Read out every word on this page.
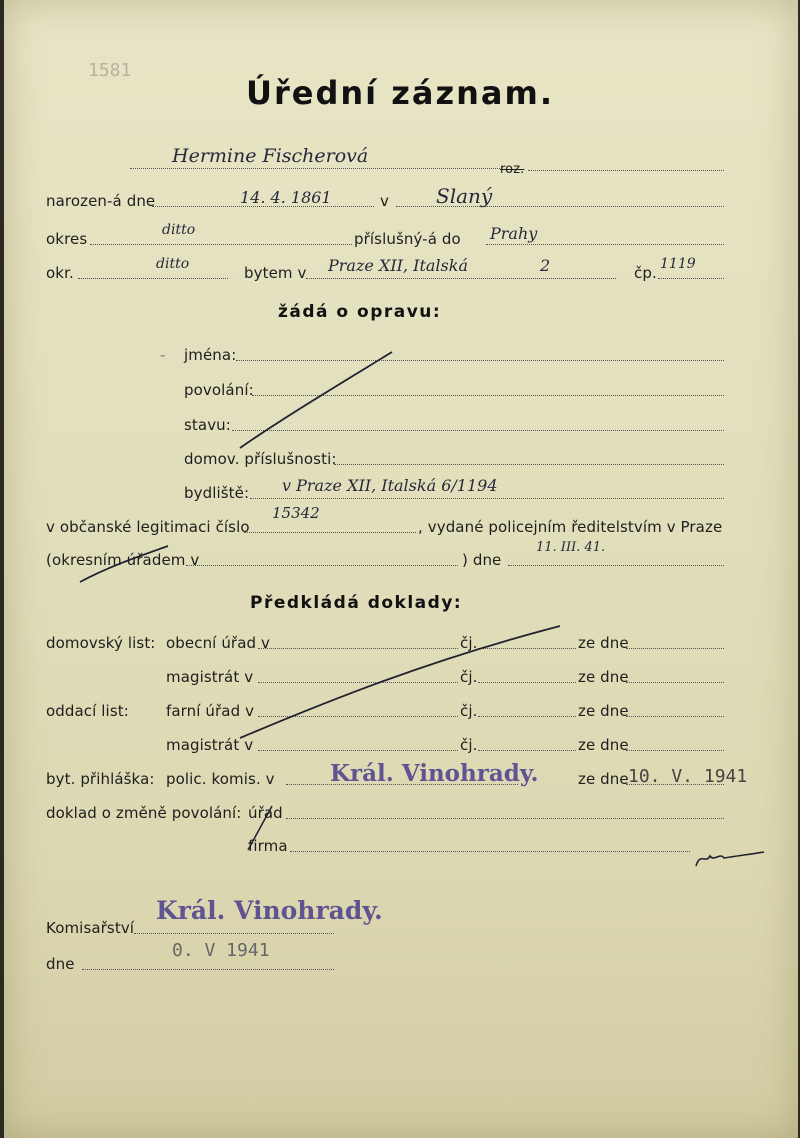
1581
Úřední záznam.
Hermine Fischerová
roz.
narozen-á dne	14. 4. 1861	v Slaný
okres	ditto	příslušný-á do Prahy
okr.	ditto	bytem v Praze XII, Italská	2	čp. 1119
žádá o opravu:
- jména:
povolání:
stavu:
domov. příslušnosti:
bydliště: v Praze XII, Italská 6/1194
v občanské legitimaci číslo
15342
, vydané policejním ředitelstvím v Praze
(okresním úřadem v	) dne
11. III. 41.
Předkládá doklady:
domovský list: obecní úřad v	čj.	ze dne
magistrát v	čj.	ze dne
oddací list: farní úřad v	čj.	ze dne
magistrát v	čj.	ze dne
byt. přihláška: polic. komis. v Král. Vinohrady.	ze dne 10. V. 1941
doklad o změně povolání: úřad
firma
Král. Vinohrady.
Komisařství
dne
0. V 1941
